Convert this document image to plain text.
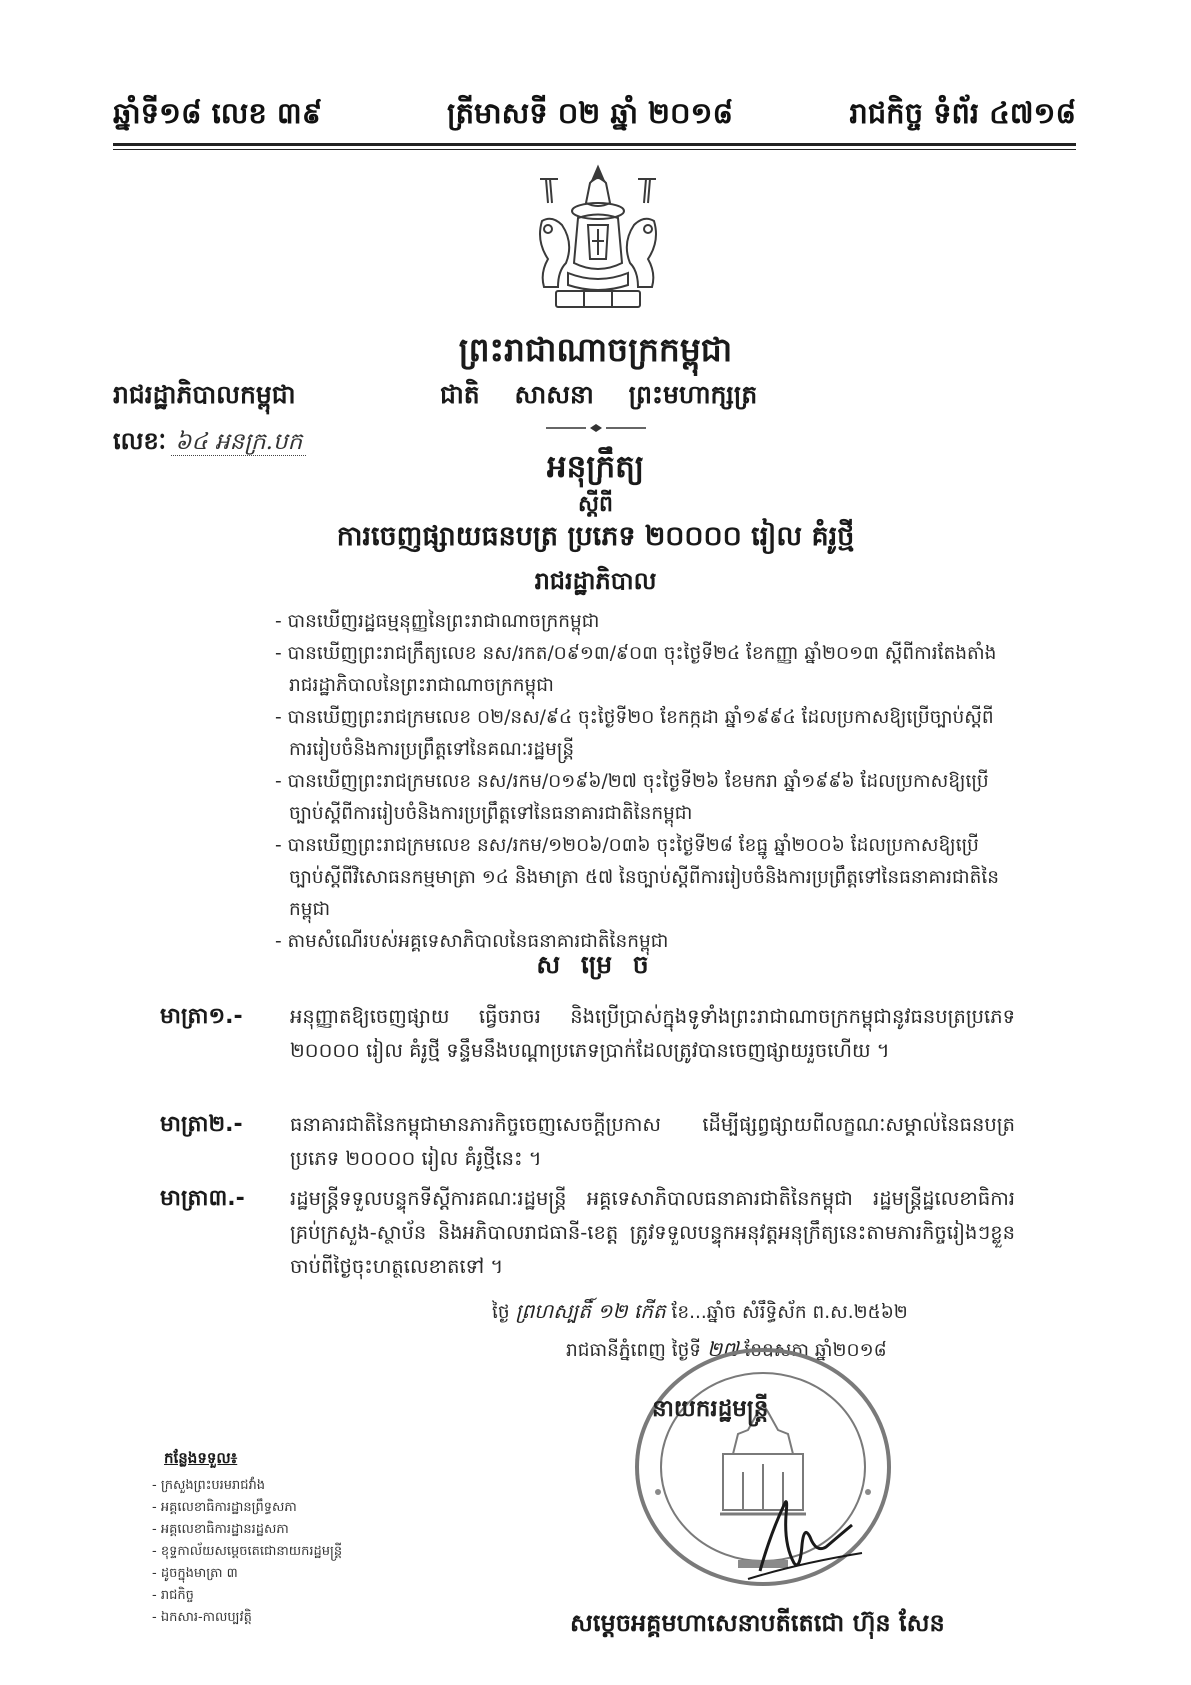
ឆ្នាំទី១៨ លេខ ៣៩	ត្រីមាសទី ០២ ឆ្នាំ ២០១៨	រាជកិច្ច ទំព័រ ៤៧១៨
ព្រះរាជាណាចក្រកម្ពុជា
រាជរដ្ឋាភិបាលកម្ពុជា	ជាតិ    សាសនា    ព្រះមហាក្សត្រ
លេខៈ ៦៤ អនក្រ.បក
អនុក្រឹត្យ
ស្តីពី
ការចេញផ្សាយធនបត្រ ប្រភេទ ២០០០០ រៀល គំរូថ្មី
រាជរដ្ឋាភិបាល
- បានឃើញរដ្ឋធម្មនុញ្ញនៃព្រះរាជាណាចក្រកម្ពុជា
- បានឃើញព្រះរាជក្រឹត្យលេខ នស/រកត/០៩១៣/៩០៣ ចុះថ្ងៃទី២៤ ខែកញ្ញា ឆ្នាំ២០១៣ ស្តីពីការតែងតាំងរាជរដ្ឋាភិបាលនៃព្រះរាជាណាចក្រកម្ពុជា
- បានឃើញព្រះរាជក្រមលេខ ០២/នស/៩៤ ចុះថ្ងៃទី២០ ខែកក្កដា ឆ្នាំ១៩៩៤ ដែលប្រកាសឱ្យប្រើច្បាប់ស្តីពីការរៀបចំនិងការប្រព្រឹត្តទៅនៃគណៈរដ្ឋមន្ត្រី
- បានឃើញព្រះរាជក្រមលេខ នស/រកម/០១៩៦/២៧ ចុះថ្ងៃទី២៦ ខែមករា ឆ្នាំ១៩៩៦ ដែលប្រកាសឱ្យប្រើច្បាប់ស្តីពីការរៀបចំនិងការប្រព្រឹត្តទៅនៃធនាគារជាតិនៃកម្ពុជា
- បានឃើញព្រះរាជក្រមលេខ នស/រកម/១២០៦/០៣៦ ចុះថ្ងៃទី២៨ ខែធ្នូ ឆ្នាំ២០០៦ ដែលប្រកាសឱ្យប្រើច្បាប់ស្តីពីវិសោធនកម្មមាត្រា ១៤ និងមាត្រា ៥៧ នៃច្បាប់ស្តីពីការរៀបចំនិងការប្រព្រឹត្តទៅនៃធនាគារជាតិនៃកម្ពុជា
- តាមសំណើរបស់អគ្គទេសាភិបាលនៃធនាគារជាតិនៃកម្ពុជា
ស ម្រេ ច
មាត្រា១.- អនុញ្ញាតឱ្យចេញផ្សាយ ធ្វើចរាចរ និងប្រើប្រាស់ក្នុងទូទាំងព្រះរាជាណាចក្រកម្ពុជានូវធនបត្រប្រភេទ ២០០០០ រៀល គំរូថ្មី ទន្ទឹមនឹងបណ្តាប្រភេទប្រាក់ដែលត្រូវបានចេញផ្សាយរួចហើយ ។
មាត្រា២.- ធនាគារជាតិនៃកម្ពុជាមានភារកិច្ចចេញសេចក្តីប្រកាស ដើម្បីផ្សព្វផ្សាយពីលក្ខណៈសម្គាល់នៃធនបត្រប្រភេទ ២០០០០ រៀល គំរូថ្មីនេះ ។
មាត្រា៣.- រដ្ឋមន្ត្រីទទួលបន្ទុកទីស្តីការគណៈរដ្ឋមន្ត្រី អគ្គទេសាភិបាលធនាគារជាតិនៃកម្ពុជា រដ្ឋមន្ត្រីដ្ឋលេខាធិការគ្រប់ក្រសួង-ស្ថាប័ន និងអភិបាលរាជធានី-ខេត្ត ត្រូវទទួលបន្ទុកអនុវត្តអនុក្រឹត្យនេះតាមភារកិច្ចរៀងៗខ្លួន ចាប់ពីថ្ងៃចុះហត្ថលេខាតទៅ ។
ថ្ងៃ ព្រហស្បតិ៍ ១២ កើត ខែ...ឆ្នាំច សំរឹទ្ធិស័ក ព.ស.២៥៦២
រាជធានីភ្នំពេញ ថ្ងៃទី ២៧ ខែឧសភា ឆ្នាំ២០១៨
នាយករដ្ឋមន្ត្រី
សម្តេចអគ្គមហាសេនាបតីតេជោ ហ៊ុន សែន
កន្លែងទទួល៖
- ក្រសួងព្រះបរមរាជវាំង
- អគ្គលេខាធិការដ្ឋានព្រឹទ្ធសភា
- អគ្គលេខាធិការដ្ឋានរដ្ឋសភា
- ខុទ្ទកាល័យសម្តេចតេជោនាយករដ្ឋមន្ត្រី
- ដូចក្នុងមាត្រា ៣
- រាជកិច្ច
- ឯកសារ-កាលប្បវត្តិ
